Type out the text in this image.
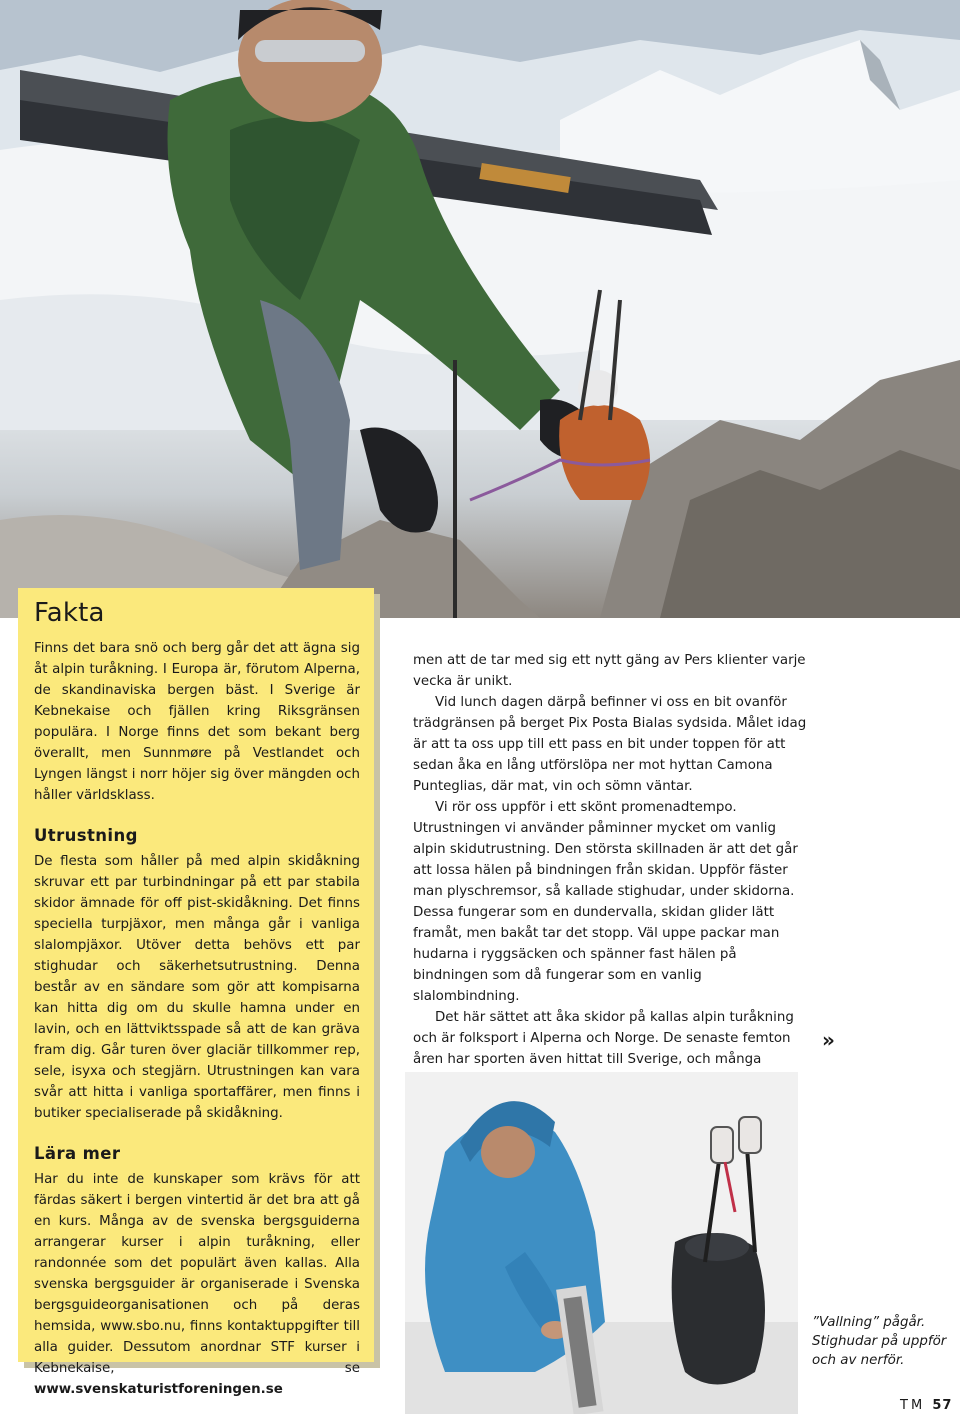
Fakta

Finns det bara snö och berg går det att ägna sig åt alpin turåkning. I Europa är, förutom Alperna, de skandinaviska bergen bäst. I Sverige är Kebnekaise och fjällen kring Riksgränsen populära. I Norge finns det som bekant berg överallt, men Sunnmøre på Vestlandet och Lyngen längst i norr höjer sig över mängden och håller världsklass.

Utrustning

De flesta som håller på med alpin skidåkning skruvar ett par turbindningar på ett par stabila skidor ämnade för off pist-skidåkning. Det finns speciella turpjäxor, men många går i vanliga slalompjäxor. Utöver detta behövs ett par stighudar och säkerhetsutrustning. Denna består av en sändare som gör att kompisarna kan hitta dig om du skulle hamna under en lavin, och en lättviktsspade så att de kan gräva fram dig. Går turen över glaciär tillkommer rep, sele, isyxa och stegjärn. Utrustningen kan vara svår att hitta i vanliga sportaffärer, men finns i butiker specialiserade på skidåkning.

Lära mer

Har du inte de kunskaper som krävs för att färdas säkert i bergen vintertid är det bra att gå en kurs. Många av de svenska bergsguiderna arrangerar kurser i alpin turåkning, eller randonnée som det populärt även kallas. Alla svenska bergsguider är organiserade i Svenska bergsguideorganisationen och på deras hemsida, www.sbo.nu, finns kontaktuppgifter till alla guider. Dessutom anordnar STF kurser i Kebnekaise, se www.svenskaturistforeningen.se

men att de tar med sig ett nytt gäng av Pers klienter varje vecka är unikt.

Vid lunch dagen därpå befinner vi oss en bit ovanför trädgränsen på berget Pix Posta Bialas sydsida. Målet idag är att ta oss upp till ett pass en bit under toppen för att sedan åka en lång utförslöpa ner mot hyttan Camona Punteglias, där mat, vin och sömn väntar.

Vi rör oss uppför i ett skönt promenadtempo. Utrustningen vi använder påminner mycket om vanlig alpin skidutrustning. Den största skillnaden är att det går att lossa hälen på bindningen från skidan. Uppför fäster man plyschremsor, så kallade stighudar, under skidorna. Dessa fungerar som en dundervalla, skidan glider lätt framåt, men bakåt tar det stopp. Väl uppe packar man hudarna i ryggsäcken och spänner fast hälen på bindningen som då fungerar som en vanlig slalombindning.

Det här sättet att åka skidor på kallas alpin turåkning och är folksport i Alperna och Norge. De senaste femton åren har sporten även hittat till Sverige, och många

»
”Vallning” pågår.
Stighudar på uppför
och av nerför.
TM 57
